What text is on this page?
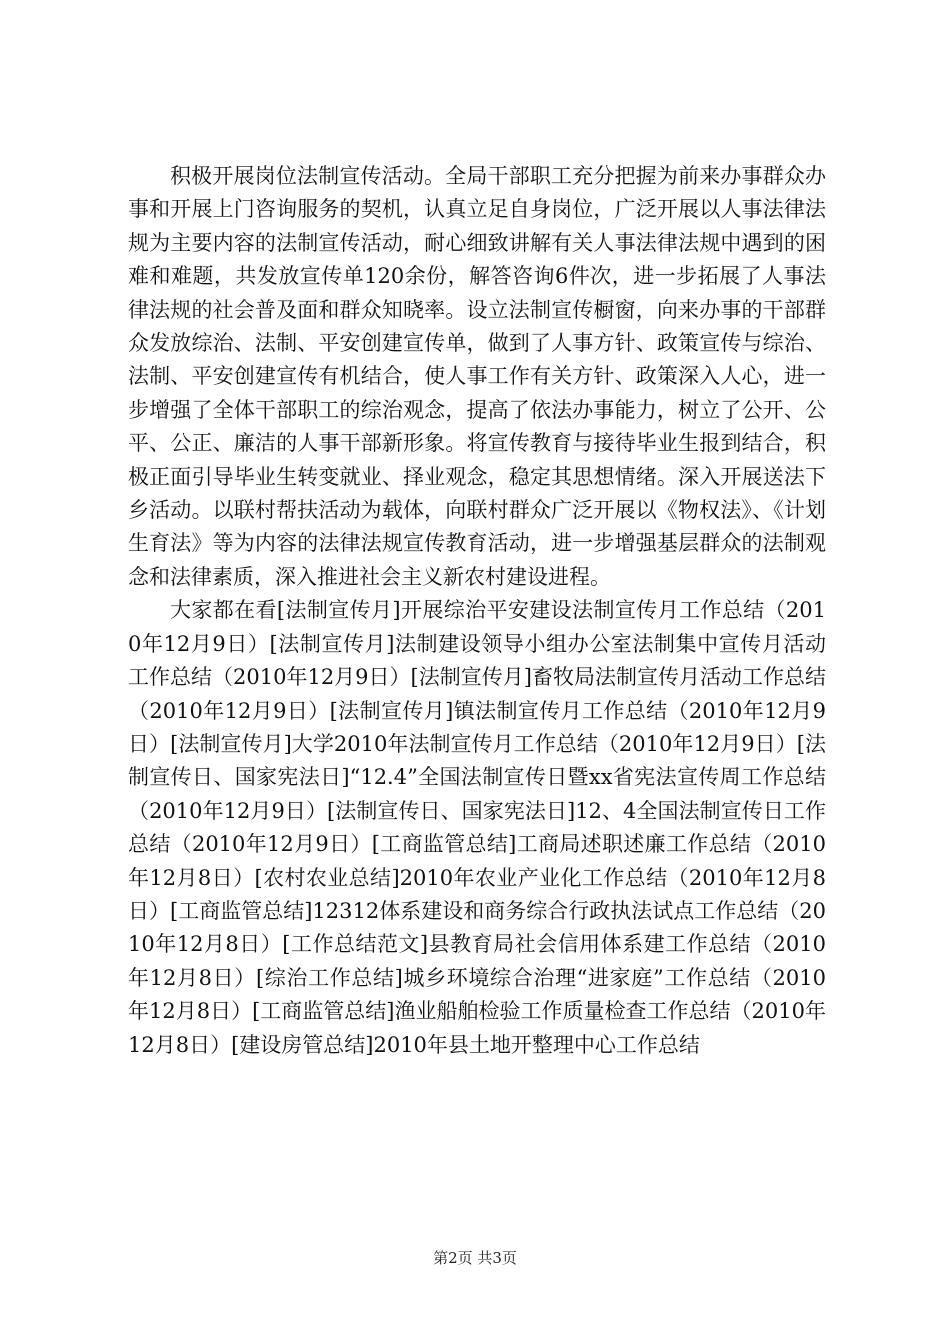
积极开展岗位法制宣传活动。全局干部职工充分把握为前来办事群众办事和开展上门咨询服务的契机，认真立足自身岗位，广泛开展以人事法律法规为主要内容的法制宣传活动，耐心细致讲解有关人事法律法规中遇到的困难和难题，共发放宣传单120余份，解答咨询6件次，进一步拓展了人事法律法规的社会普及面和群众知晓率。设立法制宣传橱窗，向来办事的干部群众发放综治、法制、平安创建宣传单，做到了人事方针、政策宣传与综治、法制、平安创建宣传有机结合，使人事工作有关方针、政策深入人心，进一步增强了全体干部职工的综治观念，提高了依法办事能力，树立了公开、公平、公正、廉洁的人事干部新形象。将宣传教育与接待毕业生报到结合，积极正面引导毕业生转变就业、择业观念，稳定其思想情绪。深入开展送法下乡活动。以联村帮扶活动为载体，向联村群众广泛开展以《物权法》、《计划生育法》等为内容的法律法规宣传教育活动，进一步增强基层群众的法制观念和法律素质，深入推进社会主义新农村建设进程。

大家都在看[法制宣传月]开展综治平安建设法制宣传月工作总结（2010年12月9日）[法制宣传月]法制建设领导小组办公室法制集中宣传月活动工作总结（2010年12月9日）[法制宣传月]畜牧局法制宣传月活动工作总结（2010年12月9日）[法制宣传月]镇法制宣传月工作总结（2010年12月9日）[法制宣传月]大学2010年法制宣传月工作总结（2010年12月9日）[法制宣传日、国家宪法日]“12.4”全国法制宣传日暨xx省宪法宣传周工作总结（2010年12月9日）[法制宣传日、国家宪法日]12、4全国法制宣传日工作总结（2010年12月9日）[工商监管总结]工商局述职述廉工作总结（2010年12月8日）[农村农业总结]2010年农业产业化工作总结（2010年12月8日）[工商监管总结]12312体系建设和商务综合行政执法试点工作总结（2010年12月8日）[工作总结范文]县教育局社会信用体系建工作总结（2010年12月8日）[综治工作总结]城乡环境综合治理“进家庭”工作总结（2010年12月8日）[工商监管总结]渔业船舶检验工作质量检查工作总结（2010年12月8日）[建设房管总结]2010年县土地开整理中心工作总结

第2页 共3页
